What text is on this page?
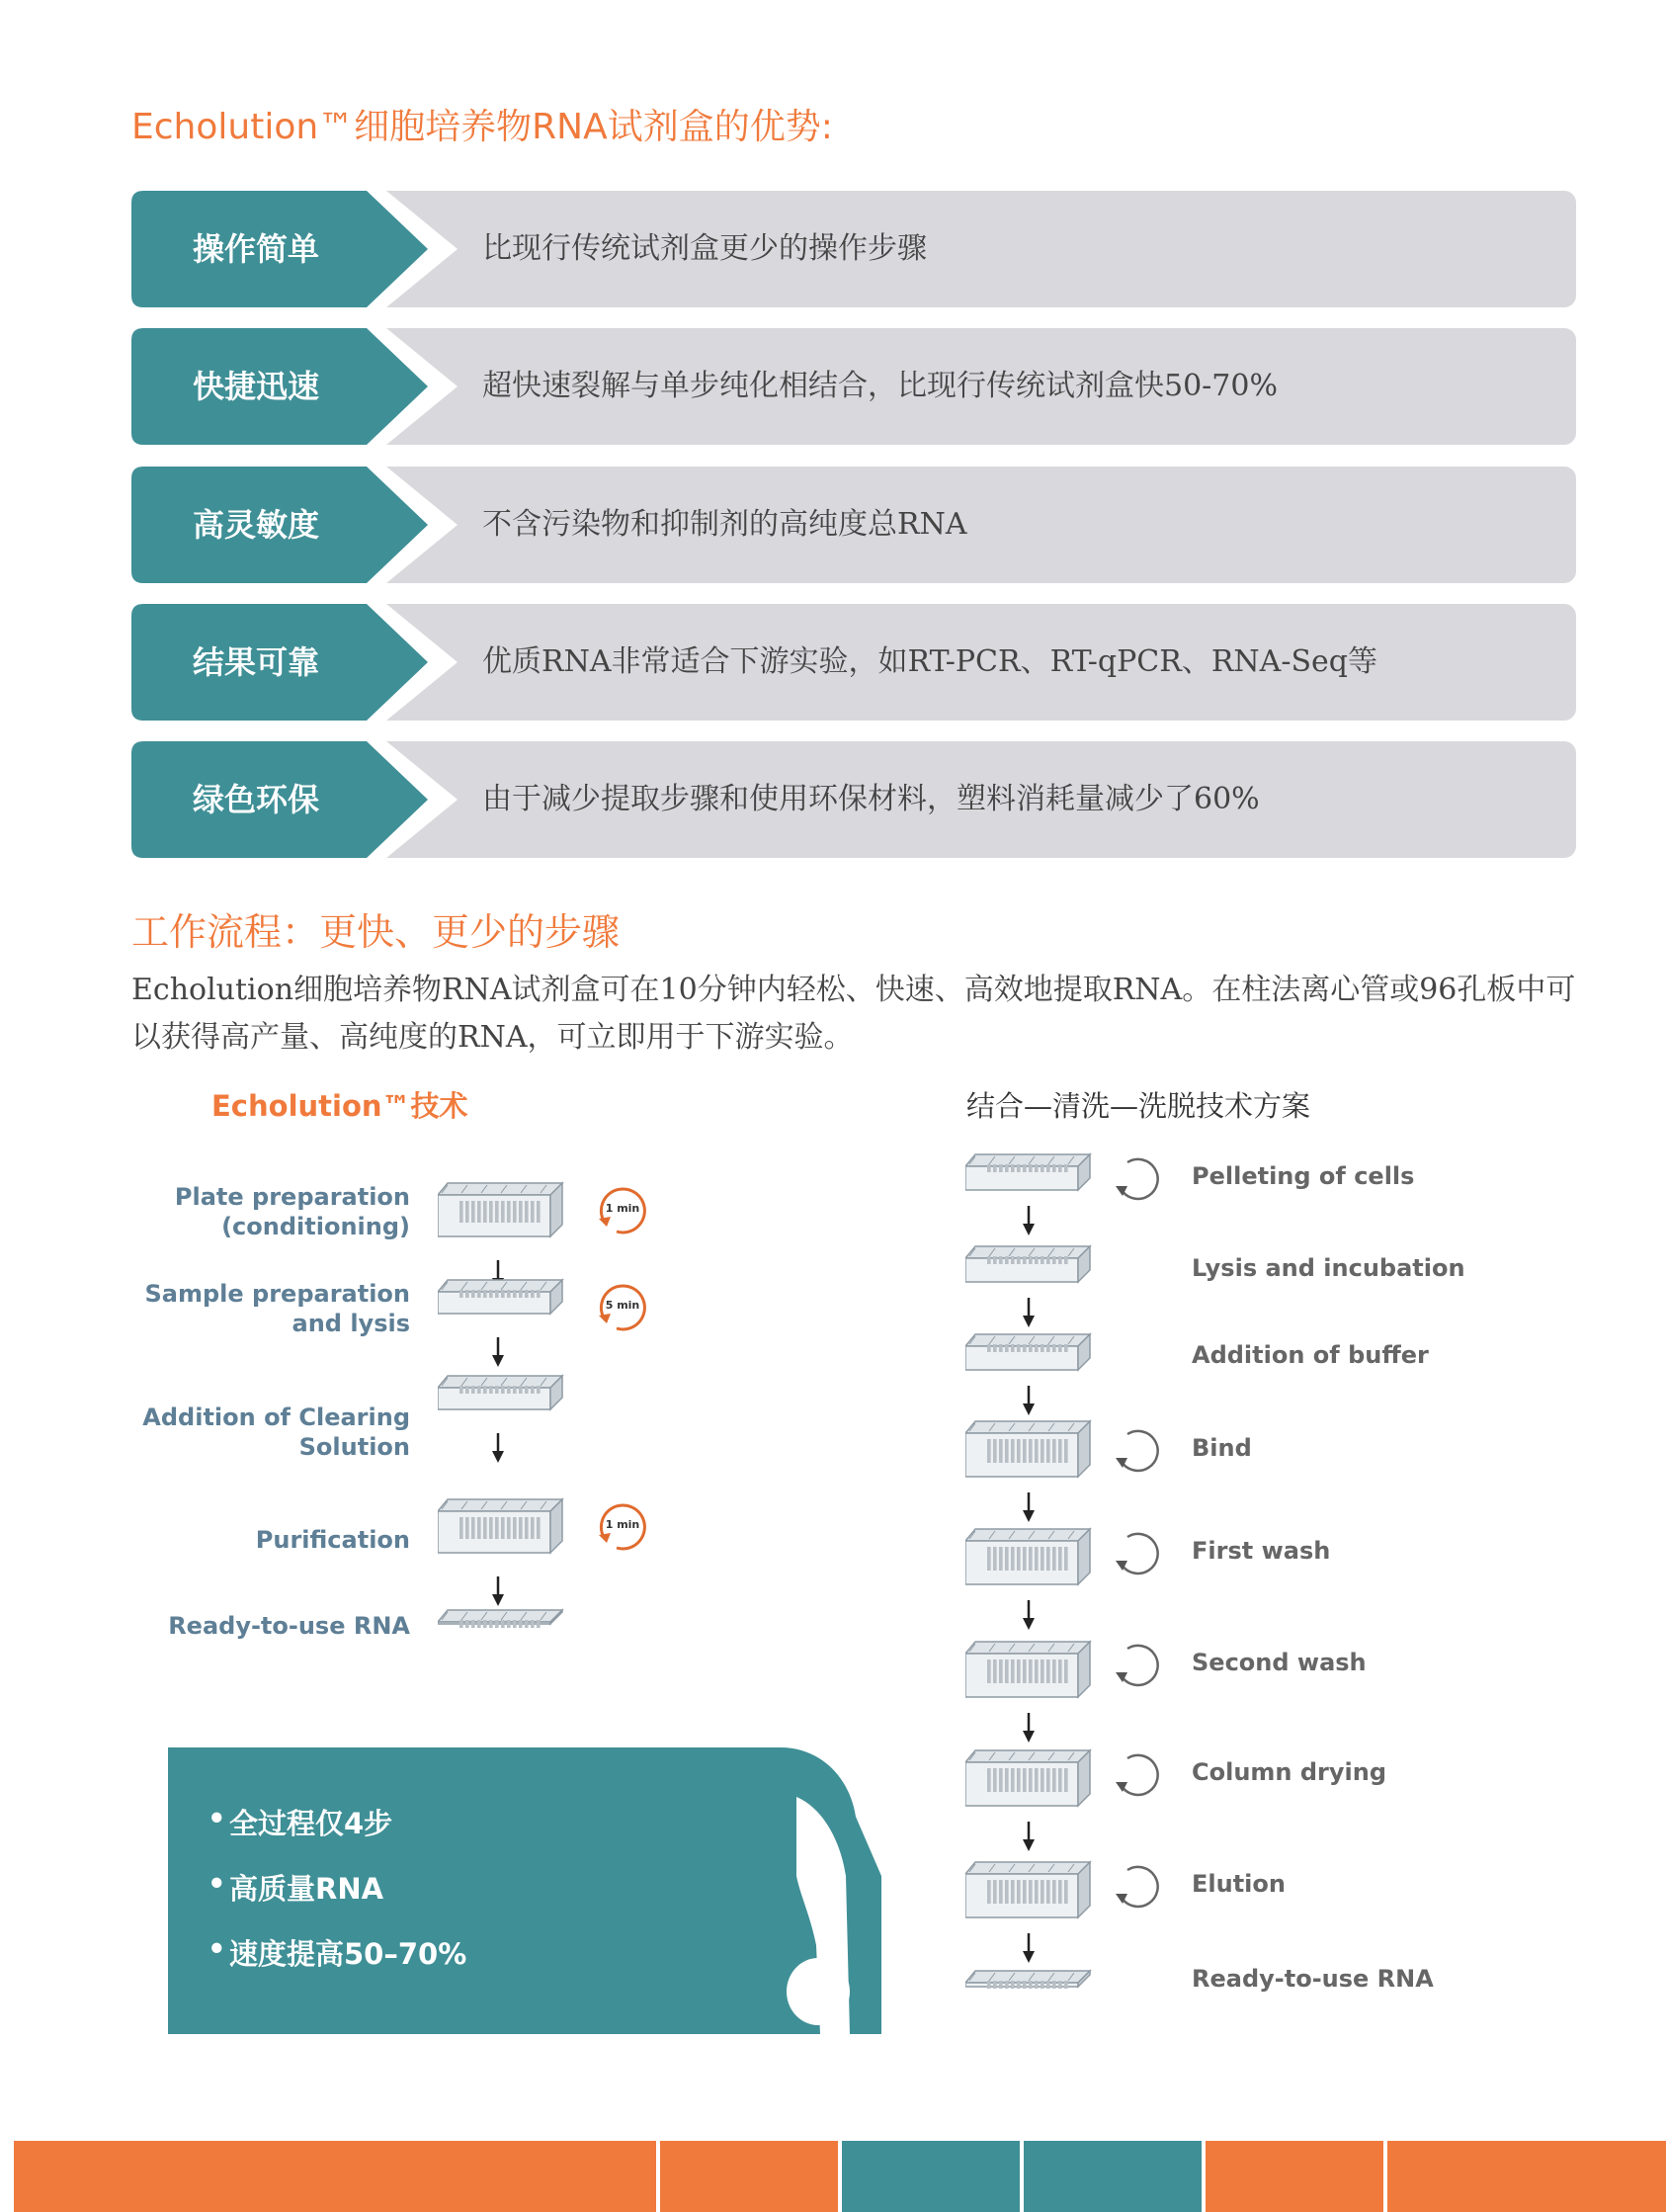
Echolution™细胞培养物RNA试剂盒的优势:
操作简单	比现行传统试剂盒更少的操作步骤
快捷迅速	超快速裂解与单步纯化相结合，比现行传统试剂盒快50-70%
高灵敏度	不含污染物和抑制剂的高纯度总RNA
结果可靠	优质RNA非常适合下游实验，如RT-PCR、RT-qPCR、RNA-Seq等
绿色环保	由于减少提取步骤和使用环保材料，塑料消耗量减少了60%
工作流程：更快、更少的步骤
Echolution细胞培养物RNA试剂盒可在10分钟内轻松、快速、高效地提取RNA。在柱法离心管或96孔板中可以获得高产量、高纯度的RNA，可立即用于下游实验。
Echolution™技术	结合—清洗—洗脱技术方案
Plate preparation
(conditioning)
1 min
Sample preparation
and lysis
5 min
Addition of Clearing
Solution
Purification
1 min
Ready-to-use RNA
Pelleting of cells
Lysis and incubation
Addition of buffer
Bind
First wash
Second wash
Column drying
Elution
Ready-to-use RNA
• 全过程仅4步
• 高质量RNA
• 速度提高50–70%
